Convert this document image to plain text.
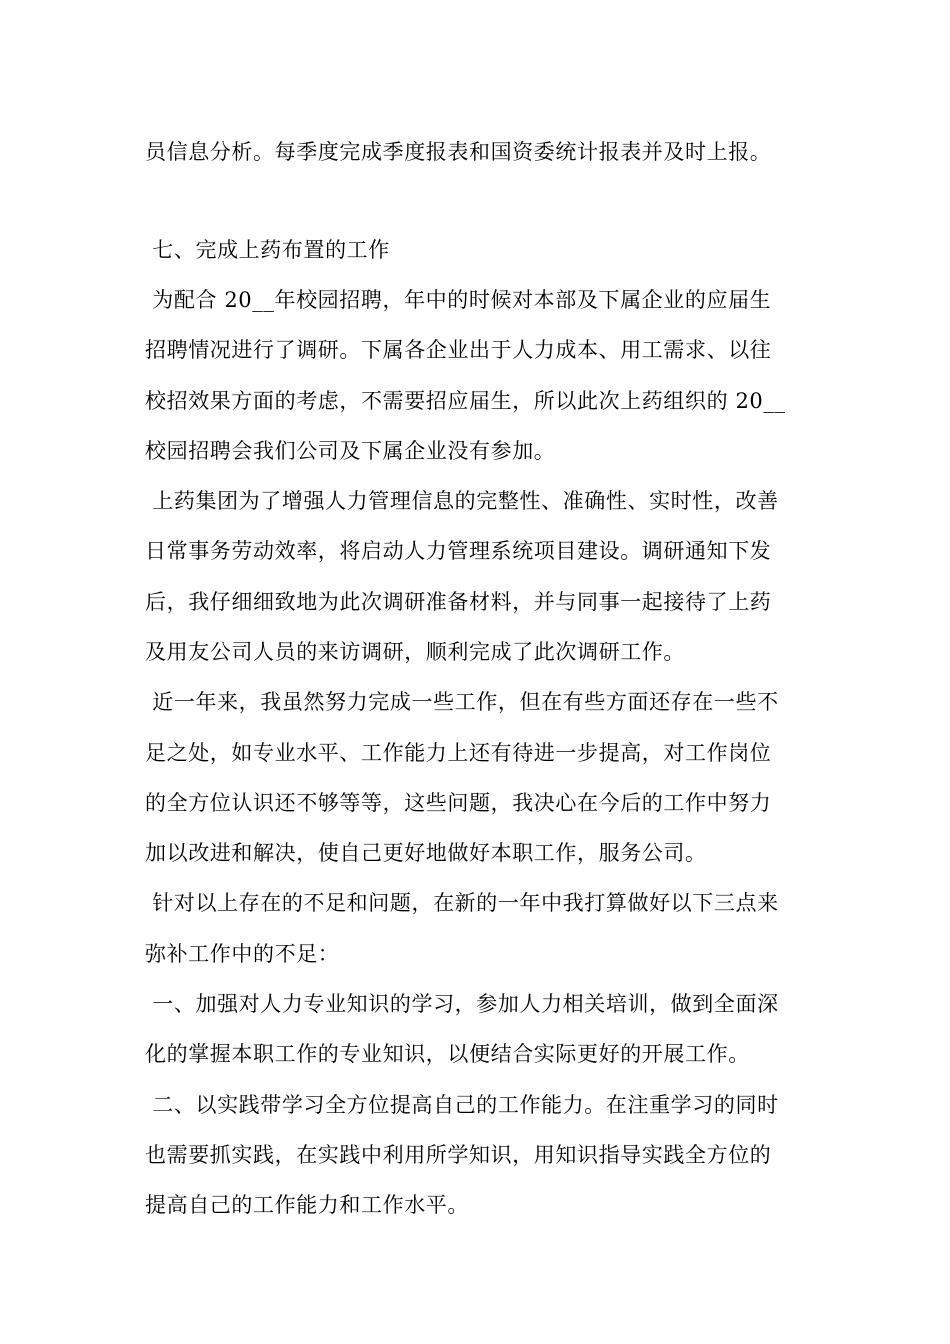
员信息分析。每季度完成季度报表和国资委统计报表并及时上报。
七、完成上药布置的工作
为配合 20__年校园招聘，年中的时候对本部及下属企业的应届生
招聘情况进行了调研。下属各企业出于人力成本、用工需求、以往
校招效果方面的考虑，不需要招应届生，所以此次上药组织的 20__
校园招聘会我们公司及下属企业没有参加。
上药集团为了增强人力管理信息的完整性、准确性、实时性，改善
日常事务劳动效率，将启动人力管理系统项目建设。调研通知下发
后，我仔细细致地为此次调研准备材料，并与同事一起接待了上药
及用友公司人员的来访调研，顺利完成了此次调研工作。
近一年来，我虽然努力完成一些工作，但在有些方面还存在一些不
足之处，如专业水平、工作能力上还有待进一步提高，对工作岗位
的全方位认识还不够等等，这些问题，我决心在今后的工作中努力
加以改进和解决，使自己更好地做好本职工作，服务公司。
针对以上存在的不足和问题，在新的一年中我打算做好以下三点来
弥补工作中的不足：
一、加强对人力专业知识的学习，参加人力相关培训，做到全面深
化的掌握本职工作的专业知识，以便结合实际更好的开展工作。
二、以实践带学习全方位提高自己的工作能力。在注重学习的同时
也需要抓实践，在实践中利用所学知识，用知识指导实践全方位的
提高自己的工作能力和工作水平。
